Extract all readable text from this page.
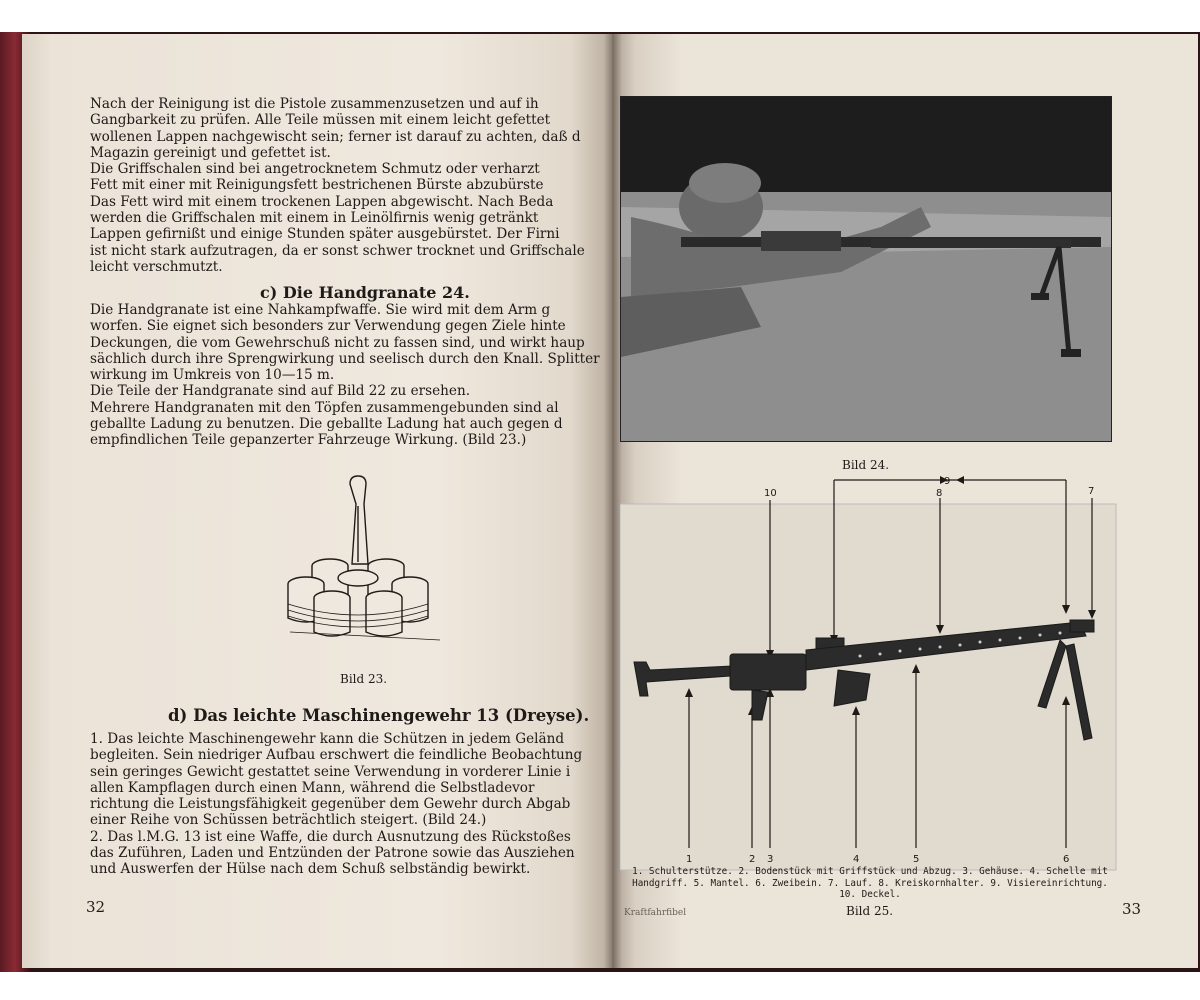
Nach der Reinigung ist die Pistole zusammenzusetzen und auf ih
Gangbarkeit zu prüfen. Alle Teile müssen mit einem leicht gefettet
wollenen Lappen nachgewischt sein; ferner ist darauf zu achten, daß d
Magazin gereinigt und gefettet ist.
Die Griffschalen sind bei angetrocknetem Schmutz oder verharzt
Fett mit einer mit Reinigungsfett bestrichenen Bürste abzubürste
Das Fett wird mit einem trockenen Lappen abgewischt. Nach Beda
werden die Griffschalen mit einem in Leinölfirnis wenig getränkt
Lappen gefirnißt und einige Stunden später ausgebürstet. Der Firni
ist nicht stark aufzutragen, da er sonst schwer trocknet und Griffschale
leicht verschmutzt.
c) Die Handgranate 24.
Die Handgranate ist eine Nahkampfwaffe. Sie wird mit dem Arm g
worfen. Sie eignet sich besonders zur Verwendung gegen Ziele hinte
Deckungen, die vom Gewehrschuß nicht zu fassen sind, und wirkt haup
sächlich durch ihre Sprengwirkung und seelisch durch den Knall. Splitter
wirkung im Umkreis von 10—15 m.
Die Teile der Handgranate sind auf Bild 22 zu ersehen.
Mehrere Handgranaten mit den Töpfen zusammengebunden sind al
geballte Ladung zu benutzen. Die geballte Ladung hat auch gegen d
empfindlichen Teile gepanzerter Fahrzeuge Wirkung. (Bild 23.)
Bild 23.
d) Das leichte Maschinengewehr 13 (Dreyse).
1. Das leichte Maschinengewehr kann die Schützen in jedem Geländ
begleiten. Sein niedriger Aufbau erschwert die feindliche Beobachtung
sein geringes Gewicht gestattet seine Verwendung in vorderer Linie i
allen Kampflagen durch einen Mann, während die Selbstladevor
richtung die Leistungsfähigkeit gegenüber dem Gewehr durch Abgab
einer Reihe von Schüssen beträchtlich steigert. (Bild 24.)
2. Das l.M.G. 13 ist eine Waffe, die durch Ausnutzung des Rückstoßes
das Zuführen, Laden und Entzünden der Patrone sowie das Ausziehen
und Auswerfen der Hülse nach dem Schuß selbständig bewirkt.
32
Bild 24.
10
9
8	7
1	2 3	4	5	6
1. Schulterstütze. 2. Bodenstück mit Griffstück und Abzug. 3. Gehäuse. 4. Schelle mit
Handgriff. 5. Mantel. 6. Zweibein. 7. Lauf. 8. Kreiskornhalter. 9. Visiereinrichtung.
10. Deckel.
Kraftfahrfibel	Bild 25.	33
